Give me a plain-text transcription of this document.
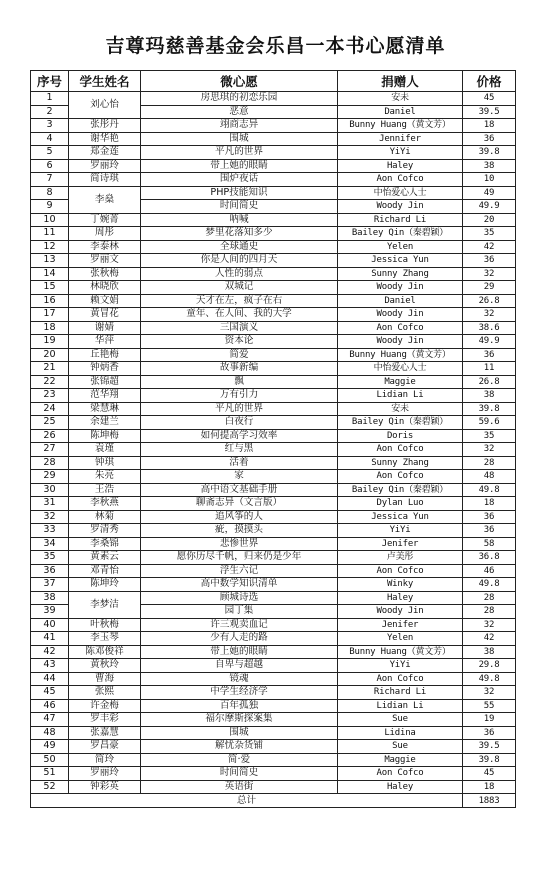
吉尊玛慈善基金会乐昌一本书心愿清单
序号	学生姓名	微心愿	捐赠人	价格
1	刘心怡	房思琪的初恋乐园	安未	45
2		恶意	Daniel	39.5
3	张彤丹	翊商志异	Bunny Huang（黄文芳）	18
4	谢华艳	围城	Jennifer	36
5	郑金莲	平凡的世界	YiYi	39.8
6	罗丽玲	带上她的眼睛	Haley	38
7	简诗琪	围炉夜话	Aon Cofco	10
8	李燊	PHP技能知识	中怡爱心人士	49
9		时间简史	Woody Jin	49.9
10	丁婉菁	呐喊	Richard Li	20
11	周彤	梦里花落知多少	Bailey Qin（秦碧颖）	35
12	李泰林	全球通史	Yelen	42
13	罗丽文	你是人间的四月天	Jessica Yun	36
14	张秋梅	人性的弱点	Sunny Zhang	32
15	林晓欣	双城记	Woody Jin	29
16	赖文娟	天才在左，疯子在右	Daniel	26.8
17	黄冒花	童年、在人间、我的大学	Woody Jin	32
18	谢婧	三国演义	Aon Cofco	38.6
19	华萍	资本论	Woody Jin	49.9
20	丘艳梅	简爱	Bunny Huang（黄文芳）	36
21	钟炳香	故事新编	中怡爱心人士	11
22	张锦超	飘	Maggie	26.8
23	范华翔	万有引力	Lidian Li	38
24	梁慧琳	平凡的世界	安未	39.8
25	余建兰	白夜行	Bailey Qin（秦碧颖）	59.6
26	陈坤梅	如何提高学习效率	Doris	35
27	袁瑾	红与黑	Aon Cofco	32
28	钟琪	活着	Sunny Zhang	28
29	朱亮	家	Aon Cofco	48
30	王浩	高中语文基础手册	Bailey Qin（秦碧颖）	49.8
31	李秋燕	聊斋志异（文言版）	Dylan Luo	18
32	林菊	追风筝的人	Jessica Yun	36
33	罗清秀	疵，摸摸头	YiYi	36
34	李桑锦	悲惨世界	Jenifer	58
35	黄素云	愿你历尽千帆，归来仍是少年	卢美彤	36.8
36	邓青怡	浮生六记	Aon Cofco	46
37	陈坤玲	高中数学知识清单	Winky	49.8
38	李梦洁	顾城诗选	Haley	28
39		园丁集	Woody Jin	28
40	叶秋梅	许三观卖血记	Jenifer	32
41	李玉琴	少有人走的路	Yelen	42
42	陈邓俊祥	带上她的眼睛	Bunny Huang（黄文芳）	38
43	黄秋玲	自卑与超越	YiYi	29.8
44	曹海	镜魂	Aon Cofco	49.8
45	张熙	中学生经济学	Richard Li	32
46	许金梅	百年孤独	Lidian Li	55
47	罗丰彩	福尔摩斯探案集	Sue	19
48	张嘉慧	围城	Lidina	36
49	罗昌豪	解忧杂货铺	Sue	39.5
50	简玲	简·爱	Maggie	39.8
51	罗丽玲	时间简史	Aon Cofco	45
52	钟彩英	英语街	Haley	18
总计				1883
